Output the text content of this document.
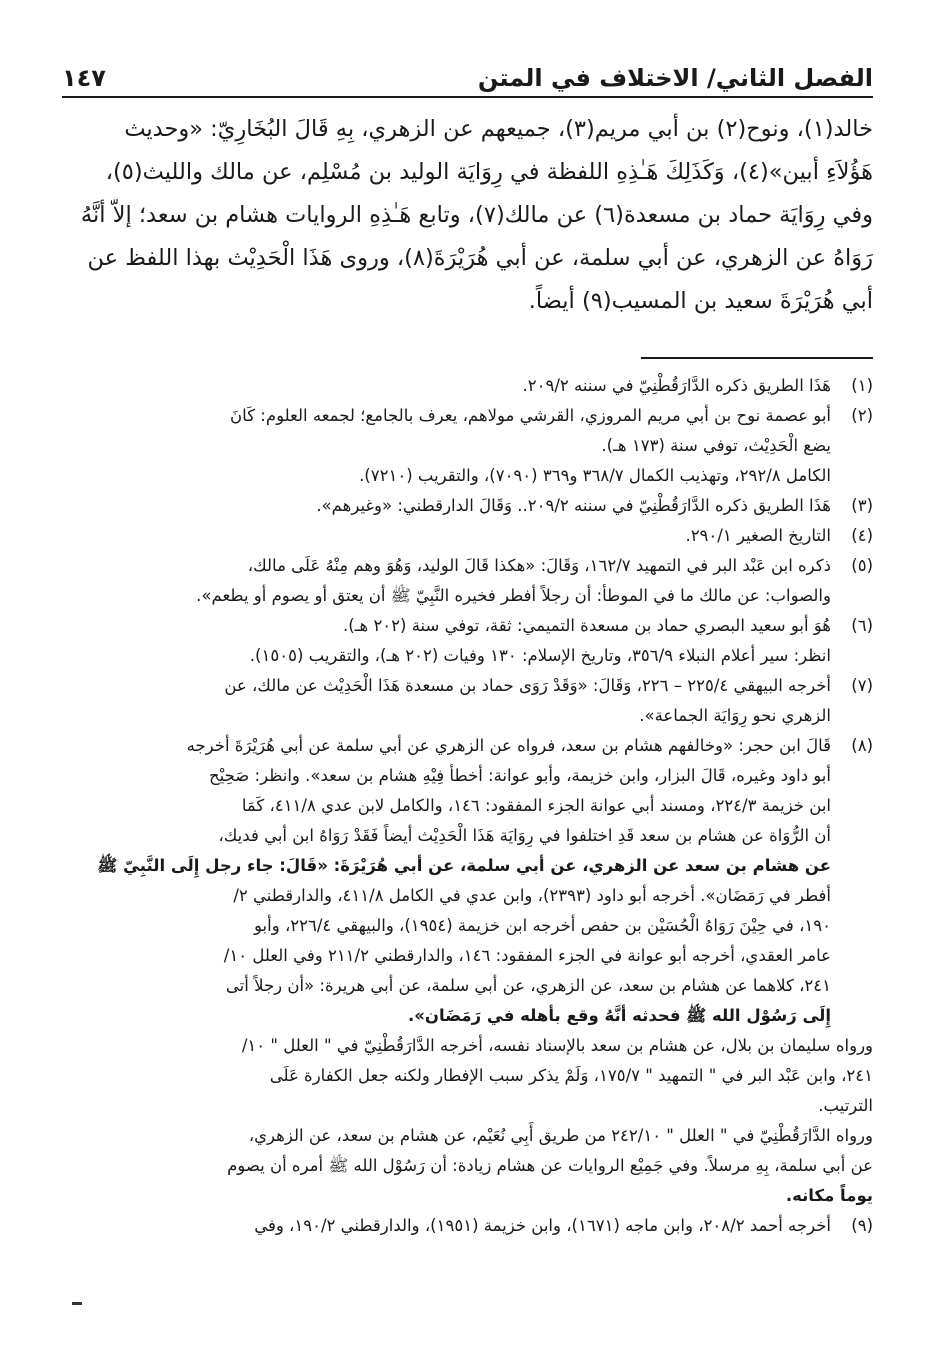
الفصل الثاني/ الاختلاف في المتن
١٤٧

خالد(١)، ونوح(٢) بن أبي مريم(٣)، جميعهم عن الزهري، بِهِ قَالَ البُخَارِيّ: «وحديث

هَؤُلاَءِ أبين»(٤)، وَكَذَلِكَ هَـٰذِهِ اللفظة في رِوَايَة الوليد بن مُسْلِم، عن مالك والليث(٥)،

وفي رِوَايَة حماد بن مسعدة(٦) عن مالك(٧)، وتابع هَـٰذِهِ الروايات هشام بن سعد؛ إلاّ أنَّهُ

رَوَاهُ عن الزهري، عن أبي سلمة، عن أبي هُرَيْرَةَ(٨)، وروى هَذَا الْحَدِيْث بهذا اللفظ عن

أبي هُرَيْرَةَ سعيد بن المسيب(٩) أيضاً.

(١)
هَذَا الطريق ذكره الدَّارَقُطْنِيّ في سننه ٢٠٩/٢.
(٢)
أبو عصمة نوح بن أبي مريم المروزي، القرشي مولاهم، يعرف بالجامع؛ لجمعه العلوم: كَانَ
يضع الْحَدِيْث، توفي سنة (١٧٣ هـ).
الكامل ٢٩٢/٨، وتهذيب الكمال ٣٦٨/٧ و٣٦٩ (٧٠٩٠)، والتقريب (٧٢١٠).
(٣)
هَذَا الطريق ذكره الدَّارَقُطْنِيّ في سننه ٢٠٩/٢.. وَقَالَ الدارقطني: «وغيرهم».
(٤)
التاريخ الصغير ٢٩٠/١.
(٥)
ذكره ابن عَبْد البر في التمهيد ١٦٢/٧، وَقَالَ: «هكذا قَالَ الوليد، وَهُوَ وهم مِنْهُ عَلَى مالك،
والصواب: عن مالك ما في الموطأ: أن رجلاً أفطر فخيره النَّبِيّ ﷺ أن يعتق أو يصوم أو يطعم».
(٦)
هُوَ أبو سعيد البصري حماد بن مسعدة التميمي: ثقة، توفي سنة (٢٠٢ هـ).
انظر: سير أعلام النبلاء ٣٥٦/٩، وتاريخ الإسلام: ١٣٠ وفيات (٢٠٢ هـ)، والتقريب (١٥٠٥).
(٧)
أخرجه البيهقي ٢٢٥/٤ – ٢٢٦، وَقَالَ: «وَقَدْ رَوَى حماد بن مسعدة هَذَا الْحَدِيْث عن مالك، عن
الزهري نحو رِوَايَة الجماعة».
(٨)
قَالَ ابن حجر: «وخالفهم هشام بن سعد، فرواه عن الزهري عن أبي سلمة عن أبي هُرَيْرَةَ أخرجه
أبو داود وغيره، قَالَ البزار، وابن خزيمة، وأبو عوانة: أخطأ فِيْهِ هشام بن سعد». وانظر: صَحِيْح
ابن خزيمة ٢٢٤/٣، ومسند أبي عوانة الجزء المفقود: ١٤٦، والكامل لابن عدي ٤١١/٨، كَمَا
أن الرُّوَاة عن هشام بن سعد قَدِ اختلفوا في رِوَايَة هَذَا الْحَدِيْث أيضاً فَقَدْ رَوَاهُ ابن أبي فديك،
عن هشام بن سعد عن الزهري، عن أبي سلمة، عن أبي هُرَيْرَةَ: «قَالَ: جاء رجل إِلَى النَّبِيّ ﷺ
أفطر في رَمَضَان». أخرجه أبو داود (٢٣٩٣)، وابن عدي في الكامل ٤١١/٨، والدارقطني ٢/
١٩٠، في حِيْنَ رَوَاهُ الْحُسَيْن بن حفص أخرجه ابن خزيمة (١٩٥٤)، والبيهقي ٢٢٦/٤، وأبو
عامر العقدي، أخرجه أبو عوانة في الجزء المفقود: ١٤٦، والدارقطني ٢١١/٢ وفي العلل ١٠/
٢٤١، كلاهما عن هشام بن سعد، عن الزهري، عن أبي سلمة، عن أبي هريرة: «أن رجلاً أتى
إِلَى رَسُوْل الله ﷺ فحدثه أنَّهُ وقع بأهله في رَمَضَان».
ورواه سليمان بن بلال، عن هشام بن سعد بالإسناد نفسه، أخرجه الدَّارَقُطْنِيّ في " العلل " ١٠/
٢٤١، وابن عَبْد البر في " التمهيد " ١٧٥/٧، وَلَمْ يذكر سبب الإفطار ولكنه جعل الكفارة عَلَى
الترتيب.
ورواه الدَّارَقُطْنِيّ في " العلل " ٢٤٢/١٠ من طريق أَبِي نُعَيْم، عن هشام بن سعد، عن الزهري،
عن أبي سلمة، بِهِ مرسلاً. وفي جَمِيْع الروايات عن هشام زيادة: أن رَسُوْل الله ﷺ أمره أن يصوم
يوماً مكانه.
(٩)
أخرجه أحمد ٢٠٨/٢، وابن ماجه (١٦٧١)، وابن خزيمة (١٩٥١)، والدارقطني ١٩٠/٢، وفي
